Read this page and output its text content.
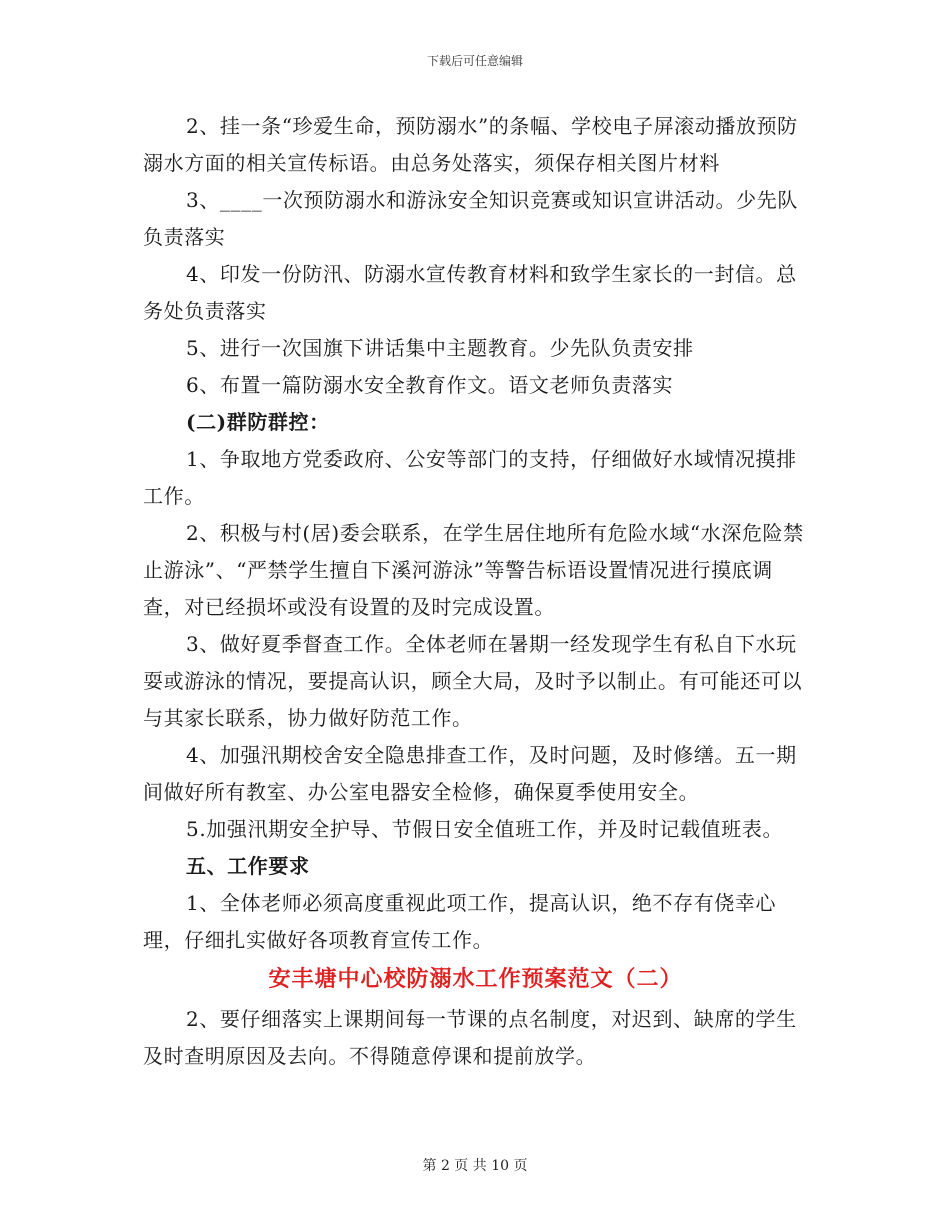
下载后可任意编辑

2、挂一条“珍爱生命，预防溺水”的条幅、学校电子屏滚动播放预防溺水方面的相关宣传标语。由总务处落实，须保存相关图片材料

3、____一次预防溺水和游泳安全知识竞赛或知识宣讲活动。少先队负责落实

4、印发一份防汛、防溺水宣传教育材料和致学生家长的一封信。总务处负责落实

5、进行一次国旗下讲话集中主题教育。少先队负责安排

6、布置一篇防溺水安全教育作文。语文老师负责落实

(二)群防群控：

1、争取地方党委政府、公安等部门的支持，仔细做好水域情况摸排工作。

2、积极与村(居)委会联系，在学生居住地所有危险水域“水深危险禁止游泳”、“严禁学生擅自下溪河游泳”等警告标语设置情况进行摸底调查，对已经损坏或没有设置的及时完成设置。

3、做好夏季督查工作。全体老师在暑期一经发现学生有私自下水玩耍或游泳的情况，要提高认识，顾全大局，及时予以制止。有可能还可以与其家长联系，协力做好防范工作。

4、加强汛期校舍安全隐患排查工作，及时问题，及时修缮。五一期间做好所有教室、办公室电器安全检修，确保夏季使用安全。

5.加强汛期安全护导、节假日安全值班工作，并及时记载值班表。

五、工作要求

1、全体老师必须高度重视此项工作，提高认识，绝不存有侥幸心理，仔细扎实做好各项教育宣传工作。

安丰塘中心校防溺水工作预案范文（二）

2、要仔细落实上课期间每一节课的点名制度，对迟到、缺席的学生及时查明原因及去向。不得随意停课和提前放学。

第 2 页 共 10 页
